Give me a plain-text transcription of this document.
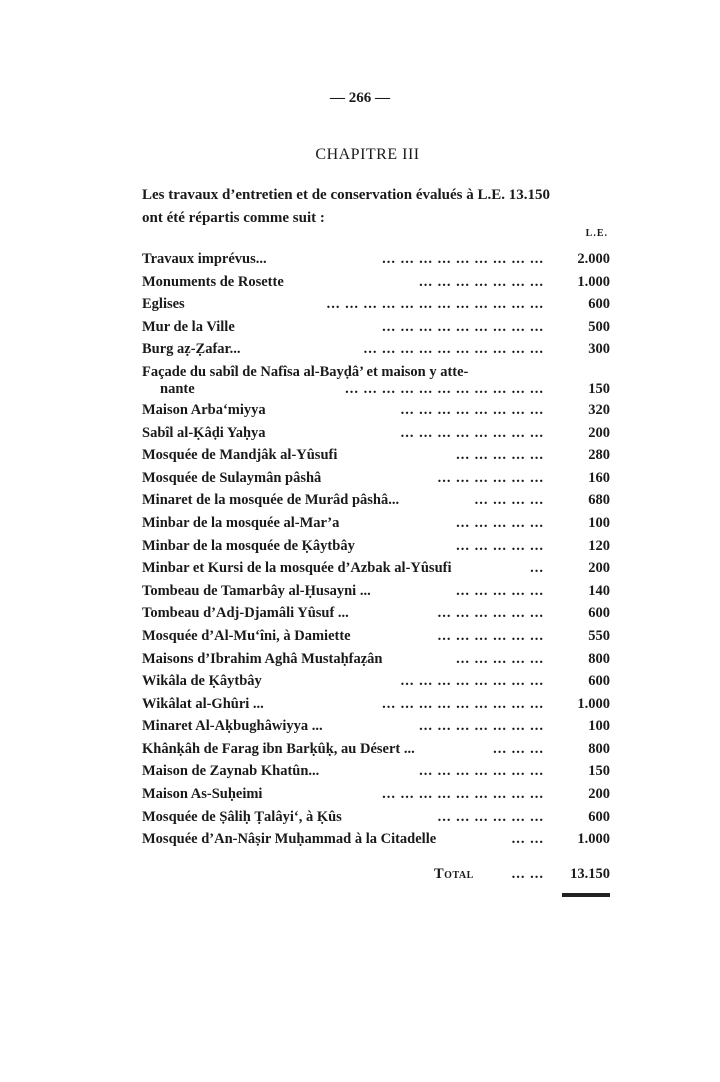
— 266 —
CHAPITRE III
Les travaux d’entretien et de conservation évalués à L.E. 13.150
ont été répartis comme suit :
L.E.
Travaux imprévus...	... ... ... ... ... ... ... ... ...	2.000
Monuments de Rosette	... ... ... ... ... ... ...	1.000
Eglises	... ... ... ... ... ... ... ... ... ... ... ...	600
Mur de la Ville	... ... ... ... ... ... ... ... ...	500
Burg aẓ-Ẓafar...	... ... ... ... ... ... ... ... ... ...	300
Façade du sabîl de Nafîsa al-Bayḍâ’ et maison y atte-
nante	... ... ... ... ... ... ... ... ... ... ...	150
Maison Arba‘miyya	... ... ... ... ... ... ... ...	320
Sabîl al-Ḳâḍi Yaḥya	... ... ... ... ... ... ... ...	200
Mosquée de Mandjâk al-Yûsufi	... ... ... ... ...	280
Mosquée de Sulaymân pâshâ	... ... ... ... ... ...	160
Minaret de la mosquée de Murâd pâshâ...	... ... ... ...	680
Minbar de la mosquée al-Mar’a	... ... ... ... ...	100
Minbar de la mosquée de Ḳâytbây	... ... ... ... ...	120
Minbar et Kursi de la mosquée d’Azbak al-Yûsufi	...	200
Tombeau de Tamarbây al-Ḥusayni ...	... ... ... ... ...	140
Tombeau d’Adj-Djamâli Yûsuf ...	... ... ... ... ... ...	600
Mosquée d’Al-Mu‘îni, à Damiette	... ... ... ... ... ...	550
Maisons d’Ibrahim Aghâ Mustaḥfaẓân	... ... ... ... ...	800
Wikâla de Ḳâytbây	... ... ... ... ... ... ... ...	600
Wikâlat al-Ghûri ...	... ... ... ... ... ... ... ... ...	1.000
Minaret Al-Aḳbughâwiyya ...	... ... ... ... ... ... ...	100
Khânḳâh de Farag ibn Barḳûḳ, au Désert ...	... ... ...	800
Maison de Zaynab Khatûn...	... ... ... ... ... ... ...	150
Maison As-Suḥeimi	... ... ... ... ... ... ... ... ...	200
Mosquée de Ṣâliḥ Ṭalâyi‘, à Ḳûs	... ... ... ... ... ...	600
Mosquée d’An-Nâṣir Muḥammad à la Citadelle	... ...	1.000
Total	... ...	13.150
